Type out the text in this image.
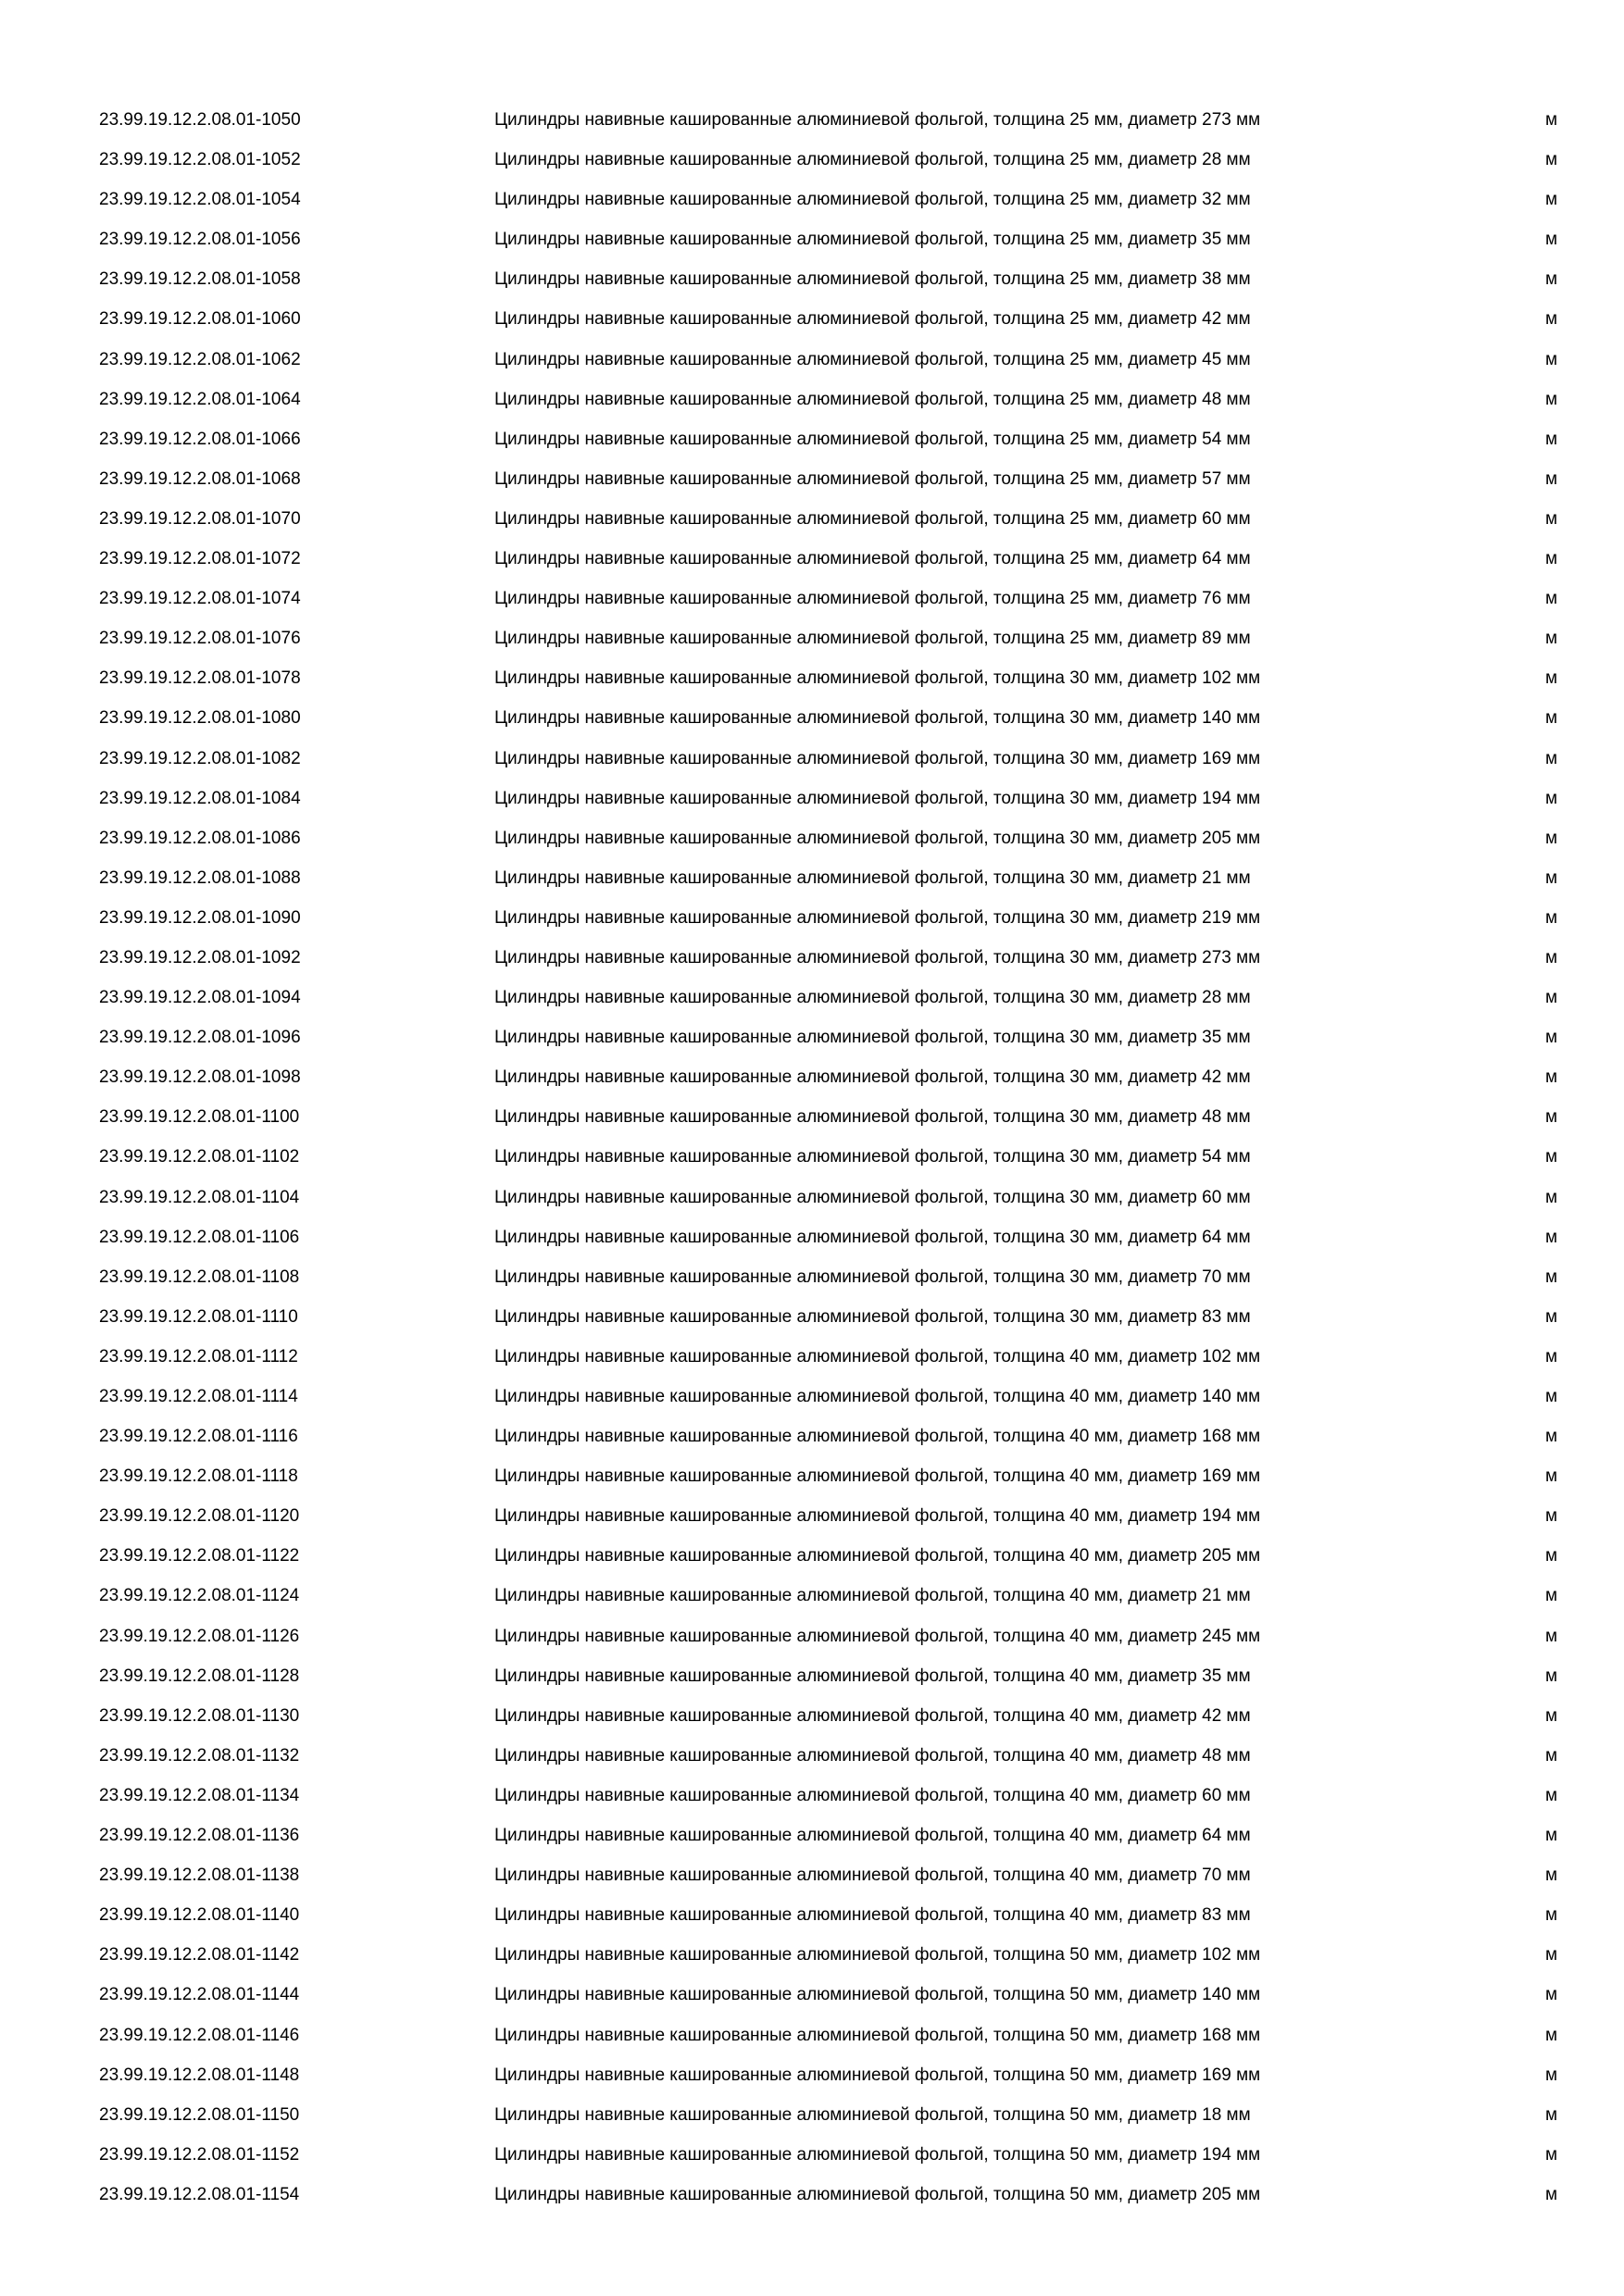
23.99.19.12.2.08.01-1050	Цилиндры навивные кашированные алюминиевой фольгой, толщина 25 мм, диаметр 273 мм	м
23.99.19.12.2.08.01-1052	Цилиндры навивные кашированные алюминиевой фольгой, толщина 25 мм, диаметр 28 мм	м
23.99.19.12.2.08.01-1054	Цилиндры навивные кашированные алюминиевой фольгой, толщина 25 мм, диаметр 32 мм	м
23.99.19.12.2.08.01-1056	Цилиндры навивные кашированные алюминиевой фольгой, толщина 25 мм, диаметр 35 мм	м
23.99.19.12.2.08.01-1058	Цилиндры навивные кашированные алюминиевой фольгой, толщина 25 мм, диаметр 38 мм	м
23.99.19.12.2.08.01-1060	Цилиндры навивные кашированные алюминиевой фольгой, толщина 25 мм, диаметр 42 мм	м
23.99.19.12.2.08.01-1062	Цилиндры навивные кашированные алюминиевой фольгой, толщина 25 мм, диаметр 45 мм	м
23.99.19.12.2.08.01-1064	Цилиндры навивные кашированные алюминиевой фольгой, толщина 25 мм, диаметр 48 мм	м
23.99.19.12.2.08.01-1066	Цилиндры навивные кашированные алюминиевой фольгой, толщина 25 мм, диаметр 54 мм	м
23.99.19.12.2.08.01-1068	Цилиндры навивные кашированные алюминиевой фольгой, толщина 25 мм, диаметр 57 мм	м
23.99.19.12.2.08.01-1070	Цилиндры навивные кашированные алюминиевой фольгой, толщина 25 мм, диаметр 60 мм	м
23.99.19.12.2.08.01-1072	Цилиндры навивные кашированные алюминиевой фольгой, толщина 25 мм, диаметр 64 мм	м
23.99.19.12.2.08.01-1074	Цилиндры навивные кашированные алюминиевой фольгой, толщина 25 мм, диаметр 76 мм	м
23.99.19.12.2.08.01-1076	Цилиндры навивные кашированные алюминиевой фольгой, толщина 25 мм, диаметр 89 мм	м
23.99.19.12.2.08.01-1078	Цилиндры навивные кашированные алюминиевой фольгой, толщина 30 мм, диаметр 102 мм	м
23.99.19.12.2.08.01-1080	Цилиндры навивные кашированные алюминиевой фольгой, толщина 30 мм, диаметр 140 мм	м
23.99.19.12.2.08.01-1082	Цилиндры навивные кашированные алюминиевой фольгой, толщина 30 мм, диаметр 169 мм	м
23.99.19.12.2.08.01-1084	Цилиндры навивные кашированные алюминиевой фольгой, толщина 30 мм, диаметр 194 мм	м
23.99.19.12.2.08.01-1086	Цилиндры навивные кашированные алюминиевой фольгой, толщина 30 мм, диаметр 205 мм	м
23.99.19.12.2.08.01-1088	Цилиндры навивные кашированные алюминиевой фольгой, толщина 30 мм, диаметр 21 мм	м
23.99.19.12.2.08.01-1090	Цилиндры навивные кашированные алюминиевой фольгой, толщина 30 мм, диаметр 219 мм	м
23.99.19.12.2.08.01-1092	Цилиндры навивные кашированные алюминиевой фольгой, толщина 30 мм, диаметр 273 мм	м
23.99.19.12.2.08.01-1094	Цилиндры навивные кашированные алюминиевой фольгой, толщина 30 мм, диаметр 28 мм	м
23.99.19.12.2.08.01-1096	Цилиндры навивные кашированные алюминиевой фольгой, толщина 30 мм, диаметр 35 мм	м
23.99.19.12.2.08.01-1098	Цилиндры навивные кашированные алюминиевой фольгой, толщина 30 мм, диаметр 42 мм	м
23.99.19.12.2.08.01-1100	Цилиндры навивные кашированные алюминиевой фольгой, толщина 30 мм, диаметр 48 мм	м
23.99.19.12.2.08.01-1102	Цилиндры навивные кашированные алюминиевой фольгой, толщина 30 мм, диаметр 54 мм	м
23.99.19.12.2.08.01-1104	Цилиндры навивные кашированные алюминиевой фольгой, толщина 30 мм, диаметр 60 мм	м
23.99.19.12.2.08.01-1106	Цилиндры навивные кашированные алюминиевой фольгой, толщина 30 мм, диаметр 64 мм	м
23.99.19.12.2.08.01-1108	Цилиндры навивные кашированные алюминиевой фольгой, толщина 30 мм, диаметр 70 мм	м
23.99.19.12.2.08.01-1110	Цилиндры навивные кашированные алюминиевой фольгой, толщина 30 мм, диаметр 83 мм	м
23.99.19.12.2.08.01-1112	Цилиндры навивные кашированные алюминиевой фольгой, толщина 40 мм, диаметр 102 мм	м
23.99.19.12.2.08.01-1114	Цилиндры навивные кашированные алюминиевой фольгой, толщина 40 мм, диаметр 140 мм	м
23.99.19.12.2.08.01-1116	Цилиндры навивные кашированные алюминиевой фольгой, толщина 40 мм, диаметр 168 мм	м
23.99.19.12.2.08.01-1118	Цилиндры навивные кашированные алюминиевой фольгой, толщина 40 мм, диаметр 169 мм	м
23.99.19.12.2.08.01-1120	Цилиндры навивные кашированные алюминиевой фольгой, толщина 40 мм, диаметр 194 мм	м
23.99.19.12.2.08.01-1122	Цилиндры навивные кашированные алюминиевой фольгой, толщина 40 мм, диаметр 205 мм	м
23.99.19.12.2.08.01-1124	Цилиндры навивные кашированные алюминиевой фольгой, толщина 40 мм, диаметр 21 мм	м
23.99.19.12.2.08.01-1126	Цилиндры навивные кашированные алюминиевой фольгой, толщина 40 мм, диаметр 245 мм	м
23.99.19.12.2.08.01-1128	Цилиндры навивные кашированные алюминиевой фольгой, толщина 40 мм, диаметр 35 мм	м
23.99.19.12.2.08.01-1130	Цилиндры навивные кашированные алюминиевой фольгой, толщина 40 мм, диаметр 42 мм	м
23.99.19.12.2.08.01-1132	Цилиндры навивные кашированные алюминиевой фольгой, толщина 40 мм, диаметр 48 мм	м
23.99.19.12.2.08.01-1134	Цилиндры навивные кашированные алюминиевой фольгой, толщина 40 мм, диаметр 60 мм	м
23.99.19.12.2.08.01-1136	Цилиндры навивные кашированные алюминиевой фольгой, толщина 40 мм, диаметр 64 мм	м
23.99.19.12.2.08.01-1138	Цилиндры навивные кашированные алюминиевой фольгой, толщина 40 мм, диаметр 70 мм	м
23.99.19.12.2.08.01-1140	Цилиндры навивные кашированные алюминиевой фольгой, толщина 40 мм, диаметр 83 мм	м
23.99.19.12.2.08.01-1142	Цилиндры навивные кашированные алюминиевой фольгой, толщина 50 мм, диаметр 102 мм	м
23.99.19.12.2.08.01-1144	Цилиндры навивные кашированные алюминиевой фольгой, толщина 50 мм, диаметр 140 мм	м
23.99.19.12.2.08.01-1146	Цилиндры навивные кашированные алюминиевой фольгой, толщина 50 мм, диаметр 168 мм	м
23.99.19.12.2.08.01-1148	Цилиндры навивные кашированные алюминиевой фольгой, толщина 50 мм, диаметр 169 мм	м
23.99.19.12.2.08.01-1150	Цилиндры навивные кашированные алюминиевой фольгой, толщина 50 мм, диаметр 18 мм	м
23.99.19.12.2.08.01-1152	Цилиндры навивные кашированные алюминиевой фольгой, толщина 50 мм, диаметр 194 мм	м
23.99.19.12.2.08.01-1154	Цилиндры навивные кашированные алюминиевой фольгой, толщина 50 мм, диаметр 205 мм	м
